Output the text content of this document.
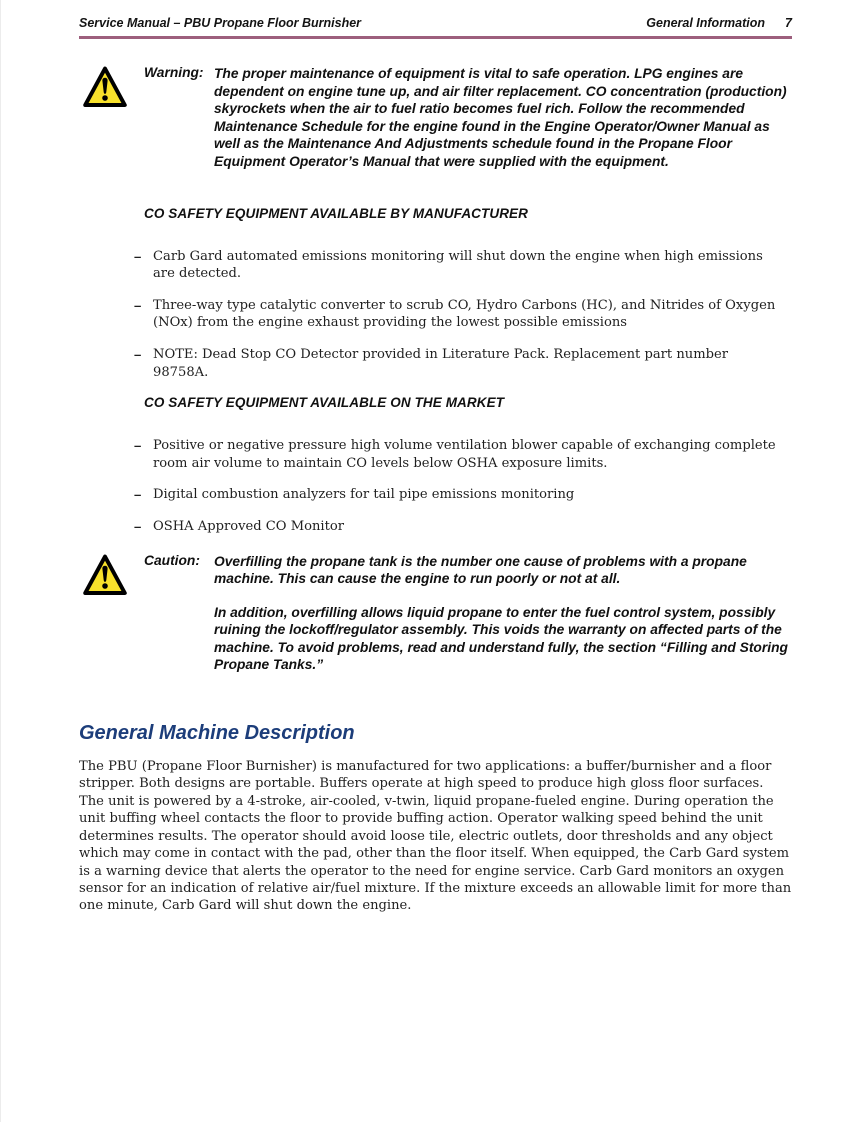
Service Manual – PBU Propane Floor Burnisher	General Information 7
Warning: The proper maintenance of equipment is vital to safe operation. LPG engines are dependent on engine tune up, and air filter replacement. CO concentration (production) skyrockets when the air to fuel ratio becomes fuel rich. Follow the recommended Maintenance Schedule for the engine found in the Engine Operator/Owner Manual as well as the Maintenance And Adjustments schedule found in the Propane Floor Equipment Operator’s Manual that were supplied with the equipment.
CO SAFETY EQUIPMENT AVAILABLE BY MANUFACTURER
– Carb Gard automated emissions monitoring will shut down the engine when high emissions are detected.
– Three-way type catalytic converter to scrub CO, Hydro Carbons (HC), and Nitrides of Oxygen (NOx) from the engine exhaust providing the lowest possible emissions
– NOTE: Dead Stop CO Detector provided in Literature Pack. Replacement part number 98758A.
CO SAFETY EQUIPMENT AVAILABLE ON THE MARKET
– Positive or negative pressure high volume ventilation blower capable of exchanging complete room air volume to maintain CO levels below OSHA exposure limits.
– Digital combustion analyzers for tail pipe emissions monitoring
– OSHA Approved CO Monitor
Caution:	Overfilling the propane tank is the number one cause of problems with a propane machine. This can cause the engine to run poorly or not at all.
In addition, overfilling allows liquid propane to enter the fuel control system, possibly ruining the lockoff/regulator assembly. This voids the warranty on affected parts of the machine. To avoid problems, read and understand fully, the section “Filling and Storing Propane Tanks.”
General Machine Description

The PBU (Propane Floor Burnisher) is manufactured for two applications: a buffer/burnisher and a floor stripper. Both designs are portable. Buffers operate at high speed to produce high gloss floor surfaces. The unit is powered by a 4-stroke, air-cooled, v-twin, liquid propane-fueled engine. During operation the unit buffing wheel contacts the floor to provide buffing action. Operator walking speed behind the unit determines results. The operator should avoid loose tile, electric outlets, door thresholds and any object which may come in contact with the pad, other than the floor itself. When equipped, the Carb Gard system is a warning device that alerts the operator to the need for engine service. Carb Gard monitors an oxygen sensor for an indication of relative air/fuel mixture. If the mixture exceeds an allowable limit for more than one minute, Carb Gard will shut down the engine.
